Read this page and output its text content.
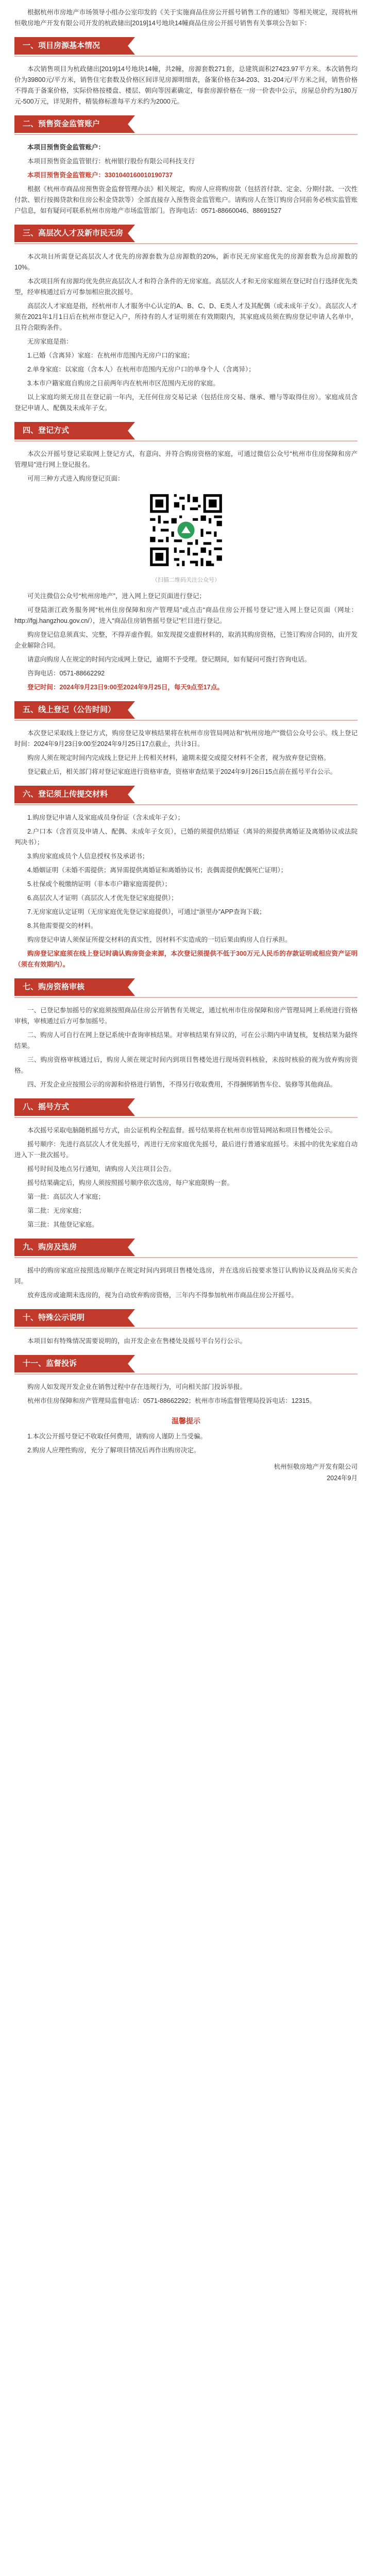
根据杭州市房地产市场领导小组办公室印发的《关于实施商品住房公开摇号销售工作的通知》等相关规定，现将杭州恒敬房地产开发有限公司开发的杭政储出[2019]14号地块14幢商品住房公开摇号销售有关事项公告如下：

一、项目房源基本情况

本次销售项目为杭政储出[2019]14号地块14幢，共2幢，房源套数271套，总建筑面积27423.97平方米。本次销售均价为39800元/平方米，销售住宅套数及价格区间详见房源明细表，备案价格在34-203、31-204元/平方米之间，销售价格不得高于备案价格，实际价格按楼盘、楼层、朝向等因素确定，每套房源价格在一房一价表中公示，房屋总价约为180万元-500万元，详见附件，精装修标准每平方米约为2000元。

二、预售资金监管账户

本项目预售资金监管账户：

本项目预售资金监管银行：杭州银行股份有限公司科技支行

本项目预售资金监管账户：3301040160010190737

根据《杭州市商品房预售资金监督管理办法》相关规定，购房人应将购房款（包括首付款、定金、分期付款、一次性付款、银行按揭贷款和住房公积金贷款等）全部直接存入预售资金监管账户。请购房人在签订购房合同前务必核实监管账户信息，如有疑问可联系杭州市房地产市场监管部门。咨询电话：0571-88660046、88691527

三、高层次人才及新市民无房家庭优先政策

本次项目所需登记高层次人才优先的房源套数为总房源数的20%，新市民无房家庭优先的房源套数为总房源数的10%。

本次项目所有房源均优先供应高层次人才和符合条件的无房家庭。高层次人才和无房家庭须在登记时自行选择优先类型，经审核通过后方可参加相应批次摇号。

高层次人才家庭是指，经杭州市人才服务中心认定的A、B、C、D、E类人才及其配偶（或未成年子女）。高层次人才须在2021年1月1日后在杭州市登记入户，所持有的人才证明须在有效期限内，其家庭成员须在购房登记申请人名单中，且符合限购条件。

无房家庭是指：

1.已婚（含离异）家庭：在杭州市范围内无房户口的家庭；

2.单身家庭：以家庭（含本人）在杭州市范围内无房户口的单身个人（含离异）；

3.本市户籍家庭自购房之日前两年内在杭州市区范围内无房的家庭。

以上家庭均须无房且在登记前一年内，无任何住房交易记录（包括住房交易、继承、赠与等取得住房）。家庭成员含登记申请人、配偶及未成年子女。

四、登记方式

本次公开摇号登记采取网上登记方式，有意向、并符合购房资格的家庭，可通过微信公众号“杭州市住房保障和房产管理局”进行网上登记报名。

可用三种方式进入购房登记页面：

（扫描二维码关注公众号）

可关注微信公众号“杭州房地产”，进入网上登记页面进行登记；

可登陆浙江政务服务网“杭州住房保障和房产管理局”或点击“商品住房公开摇号登记”进入网上登记页面（网址：http://fgj.hangzhou.gov.cn/），进入“商品住房销售摇号登记”栏目进行登记。

购房登记信息须真实、完整，不得弄虚作假。如发现提交虚假材料的，取消其购房资格，已签订购房合同的，由开发企业解除合同。

请意向购房人在规定的时间内完成网上登记，逾期不予受理。登记期间，如有疑问可拨打咨询电话。

咨询电话：0571-88662292

登记时间：2024年9月23日9:00至2024年9月25日，每天9点至17点。

五、线上登记（公告时间）

本次登记采取线上登记方式，购房登记及审核结果将在杭州市房管局网站和“杭州房地产”微信公众号公示。线上登记时间：2024年9月23日9:00至2024年9月25日17点截止，共计3日。

购房人须在规定时间内完成线上登记并上传相关材料，逾期未提交或提交材料不全者，视为放弃登记资格。

登记截止后，相关部门将对登记家庭进行资格审查，资格审查结果于2024年9月26日15点前在摇号平台公示。

六、登记须上传提交材料

1.购房登记申请人及家庭成员身份证（含未成年子女）；

2.户口本（含首页及申请人、配偶、未成年子女页），已婚的须提供结婚证（离异的须提供离婚证及离婚协议或法院判决书）；

3.购房家庭成员个人信息授权书及承诺书；

4.婚姻证明（未婚不需提供；离异需提供离婚证和离婚协议书；丧偶需提供配偶死亡证明）；

5.社保或个税缴纳证明（非本市户籍家庭需提供）；

6.高层次人才证明（高层次人才优先登记家庭提供）；

7.无房家庭认定证明（无房家庭优先登记家庭提供），可通过“浙里办”APP查询下载；

8.其他需要提交的材料。

购房登记申请人须保证所提交材料的真实性，因材料不实造成的一切后果由购房人自行承担。

购房登记家庭须在线上登记时确认购房资金来源，本次登记须提供不低于300万元人民币的存款证明或相应资产证明（须在有效期内）。

七、购房资格审核

一、已登记参加摇号的家庭须按照商品住房公开销售有关规定，通过杭州市住房保障和房产管理局网上系统进行资格审核，审核通过后方可参加摇号。

二、购房人可自行在网上登记系统中查询审核结果。对审核结果有异议的，可在公示期内申请复核，复核结果为最终结果。

三、购房资格审核通过后，购房人须在规定时间内到项目售楼处进行现场资料核验，未按时核验的视为放弃购房资格。

四、开发企业应按照公示的房源和价格进行销售，不得另行收取费用，不得捆绑销售车位、装修等其他商品。

八、摇号方式

本次摇号采取电脑随机摇号方式，由公证机构全程监督。摇号结果将在杭州市房管局网站和项目售楼处公示。

摇号顺序：先进行高层次人才优先摇号，再进行无房家庭优先摇号，最后进行普通家庭摇号。未摇中的优先家庭自动进入下一批次摇号。

摇号时间及地点另行通知，请购房人关注项目公告。

摇号结果确定后，购房人须按照摇号顺序依次选房，每户家庭限购一套。

第一批：高层次人才家庭；

第二批：无房家庭；

第三批：其他登记家庭。

九、购房及选房

摇中的购房家庭应按照选房顺序在规定时间内到项目售楼处选房，并在选房后按要求签订认购协议及商品房买卖合同。

放弃选房或逾期未选房的，视为自动放弃购房资格，三年内不得参加杭州市商品住房公开摇号。

十、特殊公示说明

本项目如有特殊情况需要说明的，由开发企业在售楼处及摇号平台另行公示。

十一、监督投诉

购房人如发现开发企业在销售过程中存在违规行为，可向相关部门投诉举报。

杭州市住房保障和房产管理局监督电话：0571-88662292；杭州市市场监督管理局投诉电话：12315。

温馨提示

1.本次公开摇号登记不收取任何费用，请购房人谨防上当受骗。

2.购房人应理性购房，充分了解项目情况后再作出购房决定。

杭州恒敬房地产开发有限公司
2024年9月
